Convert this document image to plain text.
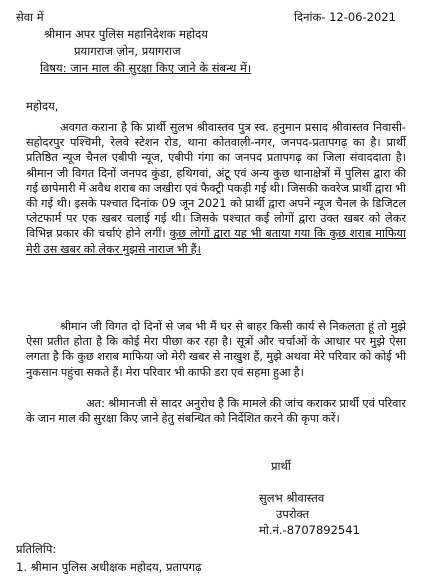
सेवा में	दिनांक- 12-06-2021
श्रीमान अपर पुलिस महानिदेशक महोदय
प्रयागराज ज़ोन, प्रयागराज
विषय: जान माल की सुरक्षा किए जाने के संबन्ध में।
महोदय,
अवगत कराना है कि प्रार्थी सुलभ श्रीवास्तव पुत्र स्व. हनुमान प्रसाद श्रीवास्तव निवासी-सहोदरपुर पश्चिमी, रेलवे स्टेशन रोड, थाना कोतवाली-नगर, जनपद-प्रतापगढ़ का है। प्रार्थी प्रतिष्ठित न्यूज चैनल एबीपी न्यूज, एबीपी गंगा का जनपद प्रतापगढ़ का जिला संवाददाता है। श्रीमान जी विगत दिनों जनपद कुंडा, हथिगवां, अंटू एवं अन्य कुछ थानाक्षेत्रों में पुलिस द्वारा की गई छापेमारी में अवैध शराब का जखीरा एवं फैक्ट्री पकड़ी गई थी। जिसकी कवरेज प्रार्थी द्वारा भी की गई थी। इसके पश्चात दिनांक 09 जून 2021 को प्रार्थी द्वारा अपने न्यूज चैनल के डिजिटल प्लेटफार्म पर एक खबर चलाई गई थी। जिसके पश्चात कई लोगों द्वारा उक्त खबर को लेकर विभिन्न प्रकार की चर्चाएं होने लगीं। कुछ लोगों द्वारा यह भी बताया गया कि कुछ शराब माफिया मेरी उस खबर को लेकर मुझसे नाराज भी हैं।
श्रीमान जी विगत दो दिनों से जब भी मैं घर से बाहर किसी कार्य से निकलता हूं तो मुझे ऐसा प्रतीत होता है कि कोई मेरा पीछा कर रहा है। सूत्रों और चर्चाओं के आधार पर मुझे ऐसा लगता है कि कुछ शराब माफिया जो मेरी खबर से नाखुश हैं, मुझे अथवा मेरे परिवार को कोई भी नुकसान पहुंचा सकते हैं। मेरा परिवार भी काफी डरा एवं सहमा हुआ है।
अत: श्रीमानजी से सादर अनुरोध है कि मामले की जांच कराकर प्रार्थी एवं परिवार के जान माल की सुरक्षा किए जाने हेतु संबन्धित को निर्देशित करने की कृपा करें।
प्रार्थी
सुलभ श्रीवास्तव
उपरोक्त
मो.नं.-8707892541
प्रतिलिपि:
1. श्रीमान पुलिस अधीक्षक महोदय, प्रतापगढ़
